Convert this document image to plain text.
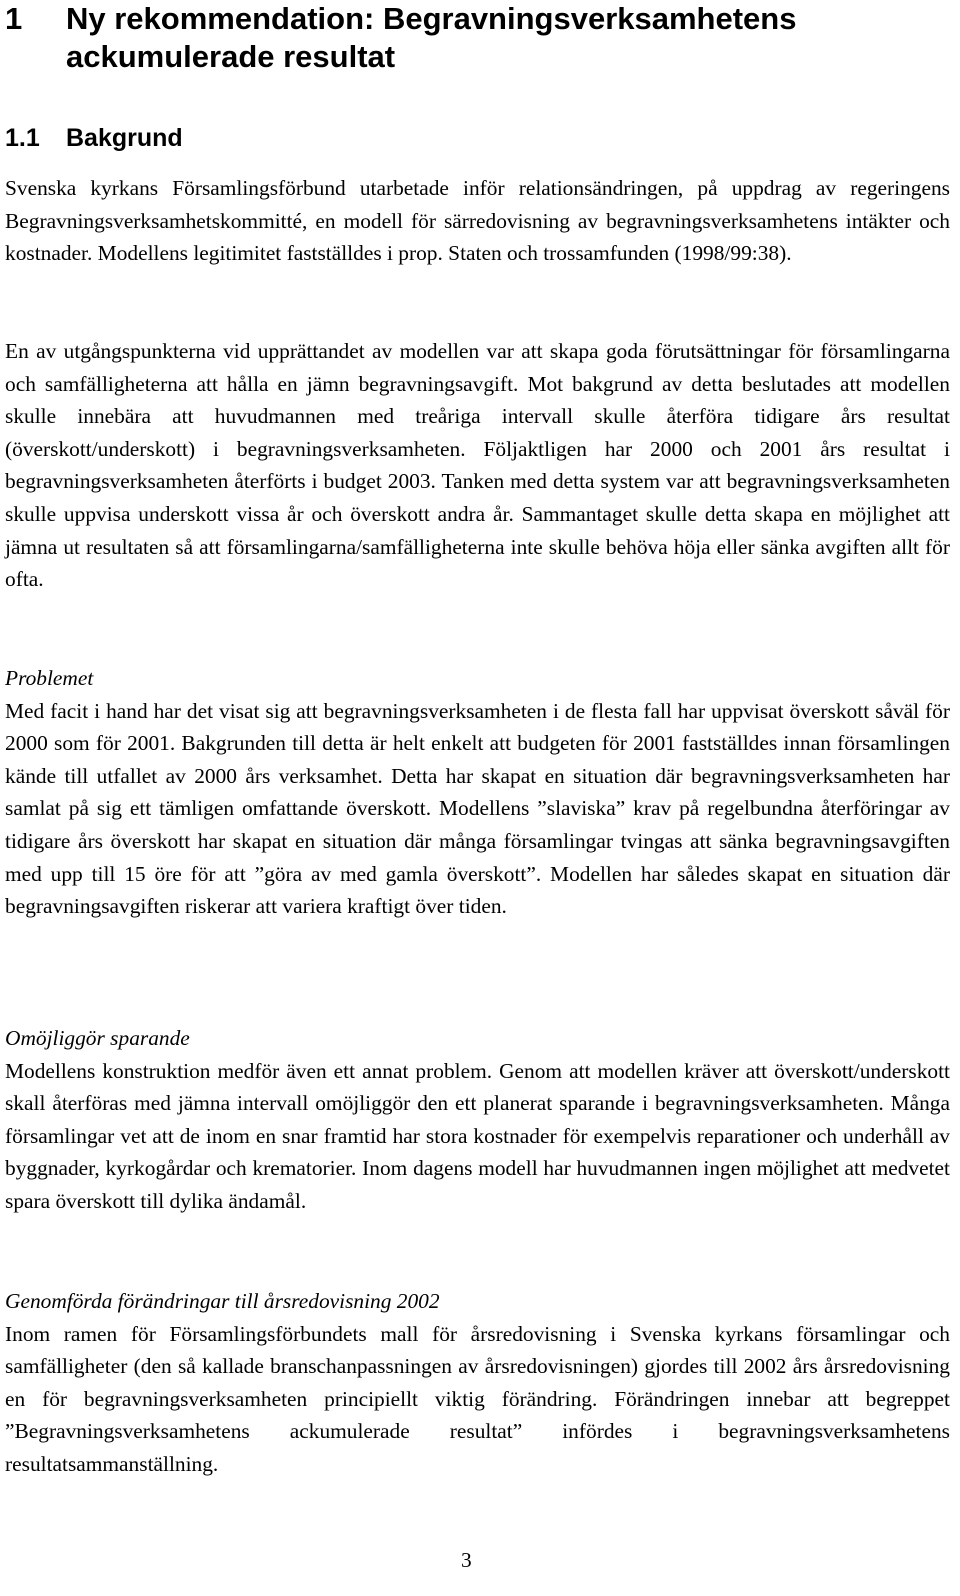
1 Ny rekommendation: Begravningsverksamhetens ackumulerade resultat
1.1 Bakgrund

Svenska kyrkans Församlingsförbund utarbetade inför relationsändringen, på uppdrag av regeringens Begravningsverksamhetskommitté, en modell för särredovisning av begravningsverksamhetens intäkter och kostnader. Modellens legitimitet fastställdes i prop. Staten och trossamfunden (1998/99:38).

En av utgångspunkterna vid upprättandet av modellen var att skapa goda förutsättningar för församlingarna och samfälligheterna att hålla en jämn begravningsavgift. Mot bakgrund av detta beslutades att modellen skulle innebära att huvudmannen med treåriga intervall skulle återföra tidigare års resultat (överskott/underskott) i begravningsverksamheten. Följaktligen har 2000 och 2001 års resultat i begravningsverksamheten återförts i budget 2003. Tanken med detta system var att begravningsverksamheten skulle uppvisa underskott vissa år och överskott andra år. Sammantaget skulle detta skapa en möjlighet att jämna ut resultaten så att församlingarna/samfälligheterna inte skulle behöva höja eller sänka avgiften allt för ofta.

Problemet
Med facit i hand har det visat sig att begravningsverksamheten i de flesta fall har uppvisat överskott såväl för 2000 som för 2001. Bakgrunden till detta är helt enkelt att budgeten för 2001 fastställdes innan församlingen kände till utfallet av 2000 års verksamhet. Detta har skapat en situation där begravningsverksamheten har samlat på sig ett tämligen omfattande överskott. Modellens ”slaviska” krav på regelbundna återföringar av tidigare års överskott har skapat en situation där många församlingar tvingas att sänka begravningsavgiften med upp till 15 öre för att ”göra av med gamla överskott”. Modellen har således skapat en situation där begravningsavgiften riskerar att variera kraftigt över tiden.
Omöjliggör sparande
Modellens konstruktion medför även ett annat problem. Genom att modellen kräver att överskott/underskott skall återföras med jämna intervall omöjliggör den ett planerat sparande i begravningsverksamheten. Många församlingar vet att de inom en snar framtid har stora kostnader för exempelvis reparationer och underhåll av byggnader, kyrkogårdar och krematorier. Inom dagens modell har huvudmannen ingen möjlighet att medvetet spara överskott till dylika ändamål.
Genomförda förändringar till årsredovisning 2002
Inom ramen för Församlingsförbundets mall för årsredovisning i Svenska kyrkans församlingar och samfälligheter (den så kallade branschanpassningen av årsredovisningen) gjordes till 2002 års årsredovisning en för begravningsverksamheten principiellt viktig förändring. Förändringen innebar att begreppet ”Begravningsverksamhetens ackumulerade resultat” infördes i begravningsverksamhetens resultatsammanställning.
3
